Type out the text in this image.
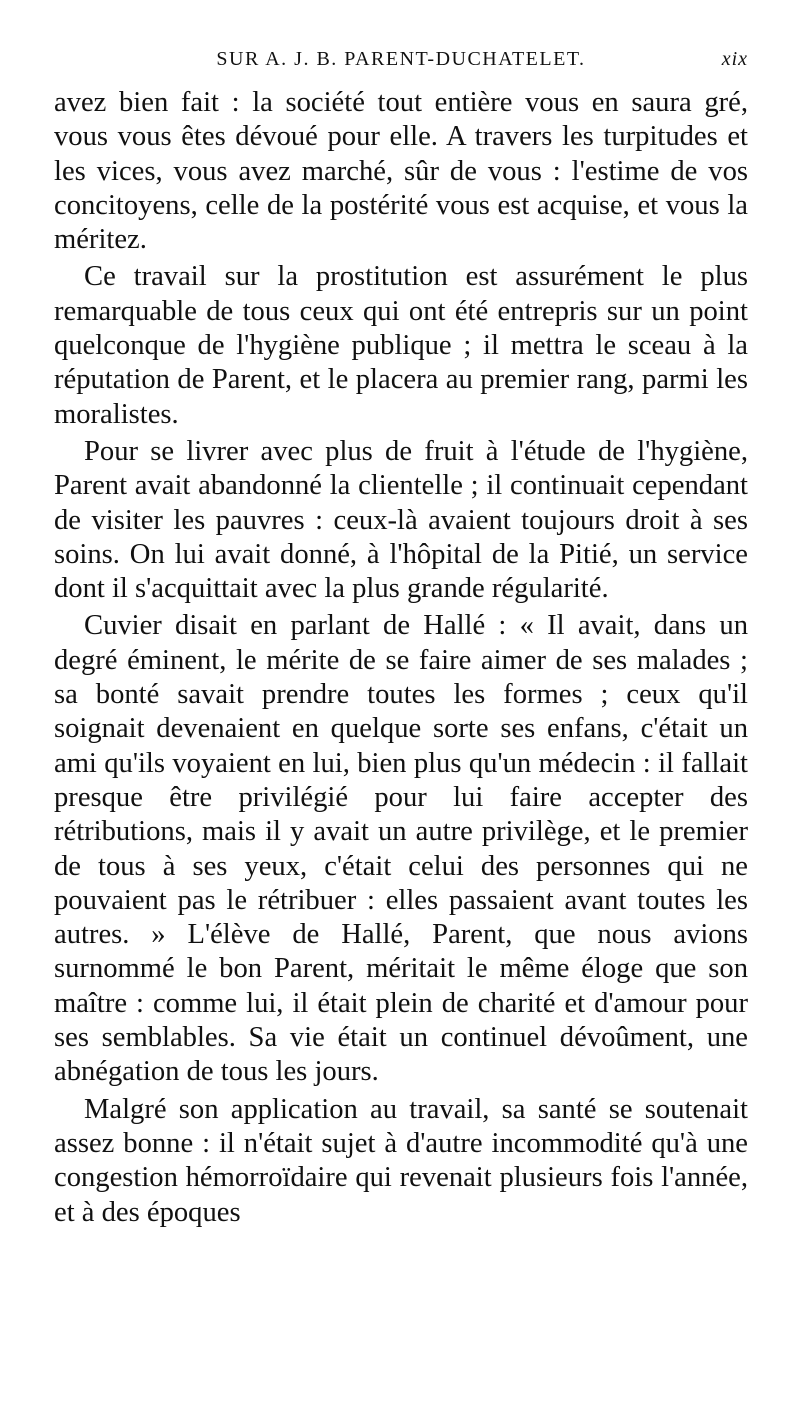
SUR A. J. B. PARENT-DUCHATELET.	xix

avez bien fait : la société tout entière vous en saura gré, vous vous êtes dévoué pour elle. A travers les turpitudes et les vices, vous avez marché, sûr de vous : l'estime de vos concitoyens, celle de la postérité vous est acquise, et vous la méritez.

Ce travail sur la prostitution est assurément le plus remarquable de tous ceux qui ont été entrepris sur un point quelconque de l'hygiène publique ; il mettra le sceau à la réputation de Parent, et le placera au premier rang, parmi les moralistes.

Pour se livrer avec plus de fruit à l'étude de l'hygiène, Parent avait abandonné la clientelle ; il continuait cependant de visiter les pauvres : ceux-là avaient toujours droit à ses soins. On lui avait donné, à l'hôpital de la Pitié, un service dont il s'acquittait avec la plus grande régularité.

Cuvier disait en parlant de Hallé : « Il avait, dans un degré éminent, le mérite de se faire aimer de ses malades ; sa bonté savait prendre toutes les formes ; ceux qu'il soignait devenaient en quelque sorte ses enfans, c'était un ami qu'ils voyaient en lui, bien plus qu'un médecin : il fallait presque être privilégié pour lui faire accepter des rétributions, mais il y avait un autre privilège, et le premier de tous à ses yeux, c'était celui des personnes qui ne pouvaient pas le rétribuer : elles passaient avant toutes les autres. » L'élève de Hallé, Parent, que nous avions surnommé le bon Parent, méritait le même éloge que son maître : comme lui, il était plein de charité et d'amour pour ses semblables. Sa vie était un continuel dévoûment, une abnégation de tous les jours.

Malgré son application au travail, sa santé se soutenait assez bonne : il n'était sujet à d'autre incommodité qu'à une congestion hémorroïdaire qui revenait plusieurs fois l'année, et à des époques
